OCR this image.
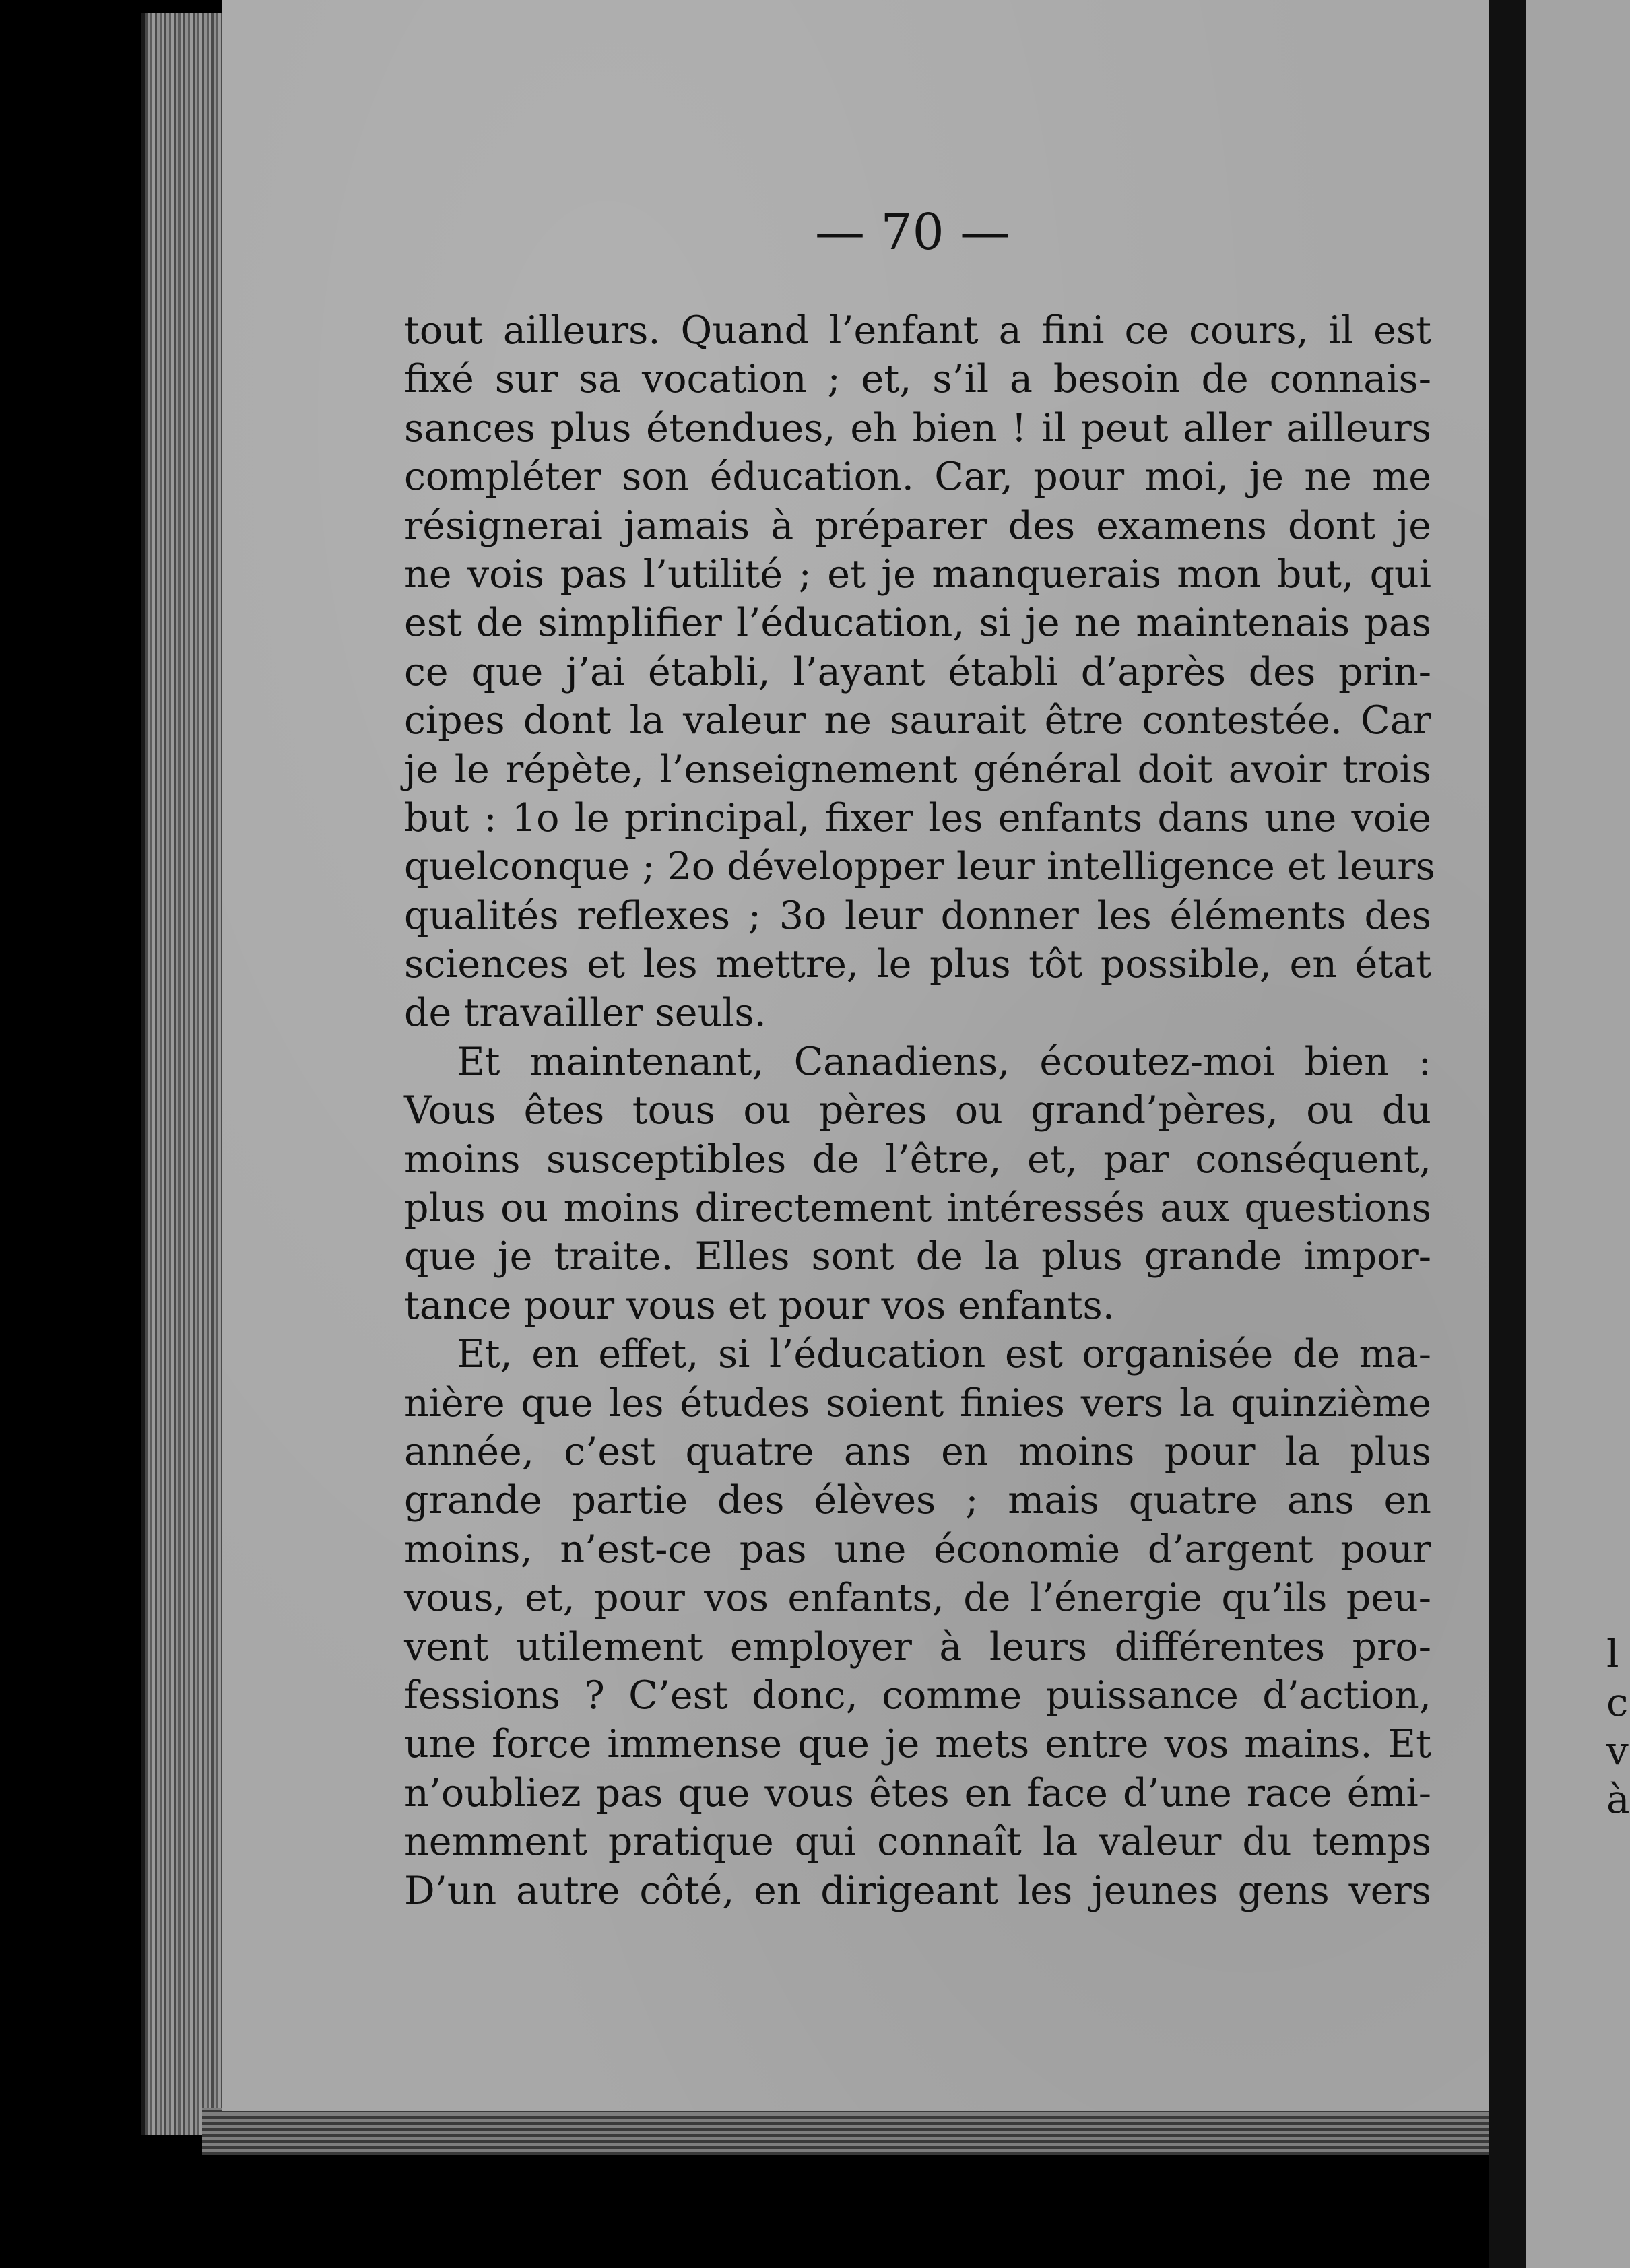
l
c
v
à
— 70 —
tout ailleurs. Quand l’enfant a fini ce cours, il est
fixé sur sa vocation ; et, s’il a besoin de connais-
sances plus étendues, eh bien ! il peut aller ailleurs
compléter son éducation. Car, pour moi, je ne me
résignerai jamais à préparer des examens dont je
ne vois pas l’utilité ; et je manquerais mon but, qui
est de simplifier l’éducation, si je ne maintenais pas
ce que j’ai établi, l’ayant établi d’après des prin-
cipes dont la valeur ne saurait être contestée. Car
je le répète, l’enseignement général doit avoir trois
but : 1o le principal, fixer les enfants dans une voie
quelconque ; 2o développer leur intelligence et leurs
qualités reflexes ; 3o leur donner les éléments des
sciences et les mettre, le plus tôt possible, en état
de travailler seuls.
Et maintenant, Canadiens, écoutez-moi bien :
Vous êtes tous ou pères ou grand’pères, ou du
moins susceptibles de l’être, et, par conséquent,
plus ou moins directement intéressés aux questions
que je traite. Elles sont de la plus grande impor-
tance pour vous et pour vos enfants.
Et, en effet, si l’éducation est organisée de ma-
nière que les études soient finies vers la quinzième
année, c’est quatre ans en moins pour la plus
grande partie des élèves ; mais quatre ans en
moins, n’est-ce pas une économie d’argent pour
vous, et, pour vos enfants, de l’énergie qu’ils peu-
vent utilement employer à leurs différentes pro-
fessions ? C’est donc, comme puissance d’action,
une force immense que je mets entre vos mains. Et
n’oubliez pas que vous êtes en face d’une race émi-
nemment pratique qui connaît la valeur du temps
D’un autre côté, en dirigeant les jeunes gens vers
